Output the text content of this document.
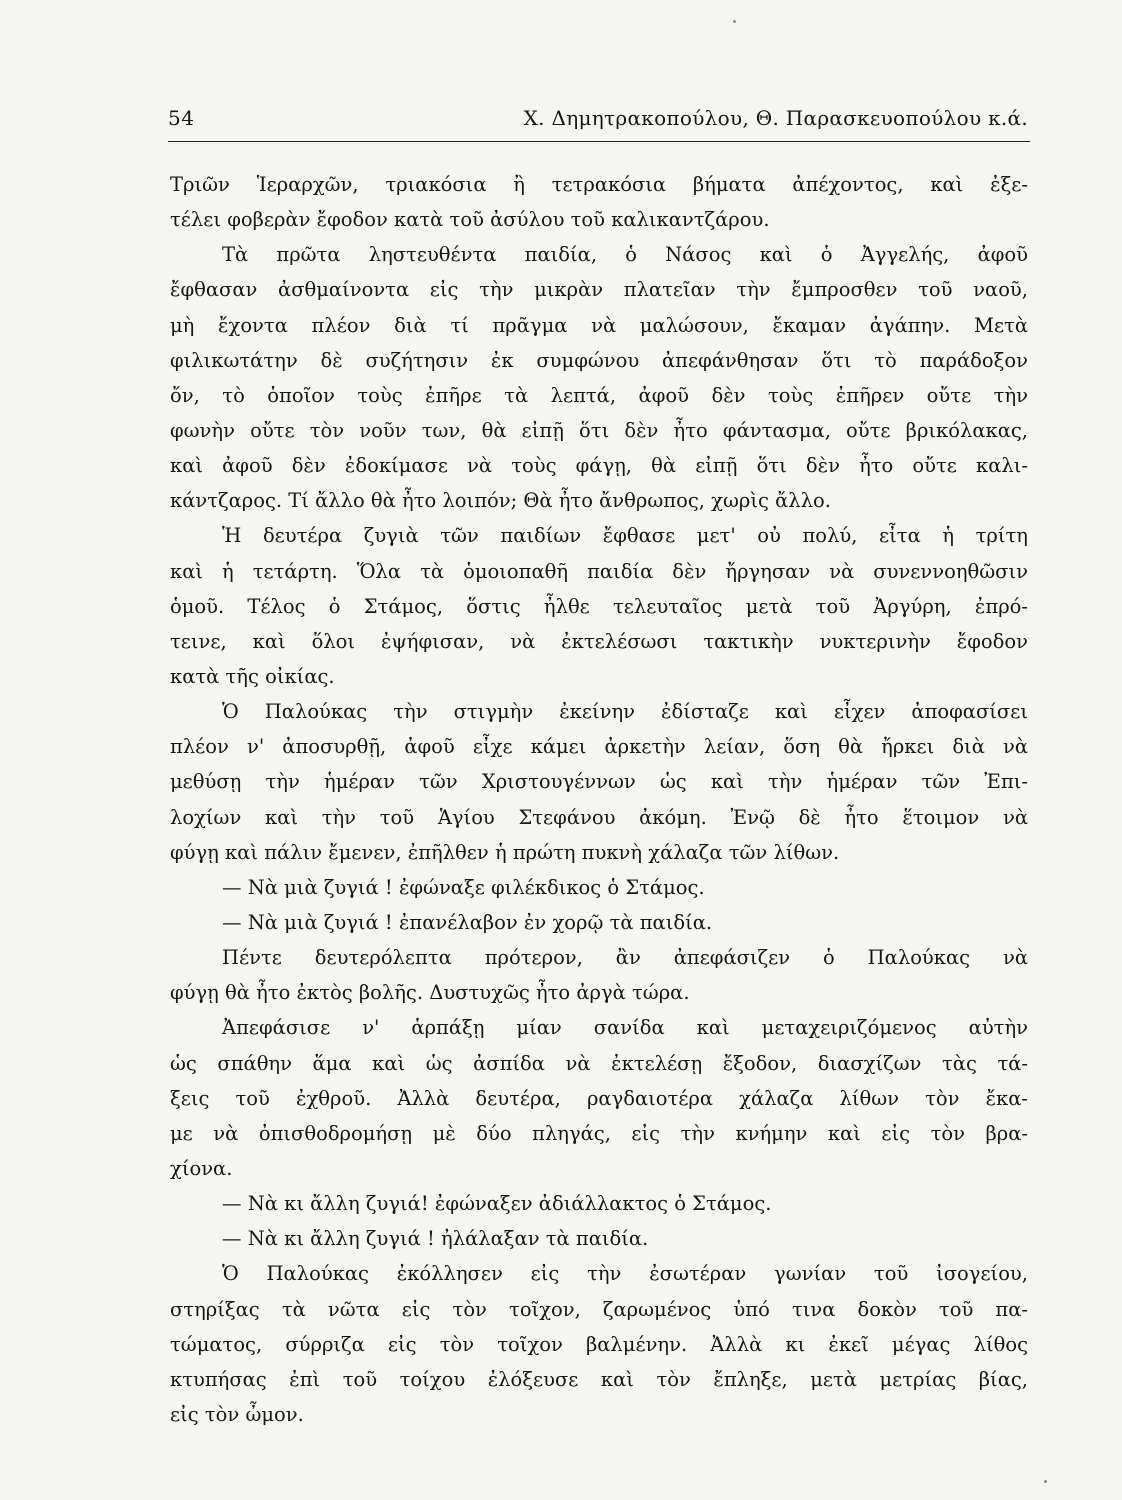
54	Χ. Δημητρακοπούλου, Θ. Παρασκευοπούλου κ.ά.
Τριῶν Ἱεραρχῶν, τριακόσια ἢ τετρακόσια βήματα ἀπέχοντος, καὶ ἐξε-
τέλει φοβερὰν ἔφοδον κατὰ τοῦ ἀσύλου τοῦ καλικαντζάρου.
Τὰ πρῶτα ληστευθέντα παιδία, ὁ Νάσος καὶ ὁ Ἀγγελής, ἀφοῦ
ἔφθασαν ἀσθμαίνοντα εἰς τὴν μικρὰν πλατεῖαν τὴν ἔμπροσθεν τοῦ ναοῦ,
μὴ ἔχοντα πλέον διὰ τί πρᾶγμα νὰ μαλώσουν, ἔκαμαν ἀγάπην. Μετὰ
φιλικωτάτην δὲ συζήτησιν ἐκ συμφώνου ἀπεφάνθησαν ὅτι τὸ παράδοξον
ὄν, τὸ ὁποῖον τοὺς ἐπῆρε τὰ λεπτά, ἀφοῦ δὲν τοὺς ἐπῆρεν οὔτε τὴν
φωνὴν οὔτε τὸν νοῦν των, θὰ εἰπῇ ὅτι δὲν ἦτο φάντασμα, οὔτε βρικόλακας,
καὶ ἀφοῦ δὲν ἐδοκίμασε νὰ τοὺς φάγῃ, θὰ εἰπῇ ὅτι δὲν ἦτο οὔτε καλι-
κάντζαρος. Τί ἄλλο θὰ ἦτο λοιπόν; Θὰ ἦτο ἄνθρωπος, χωρὶς ἄλλο.
Ἡ δευτέρα ζυγιὰ τῶν παιδίων ἔφθασε μετ' οὐ πολύ, εἶτα ἡ τρίτη
καὶ ἡ τετάρτη. Ὅλα τὰ ὁμοιοπαθῆ παιδία δὲν ἤργησαν νὰ συνεννοηθῶσιν
ὁμοῦ. Τέλος ὁ Στάμος, ὅστις ἦλθε τελευταῖος μετὰ τοῦ Ἀργύρη, ἐπρό-
τεινε, καὶ ὅλοι ἐψήφισαν, νὰ ἐκτελέσωσι τακτικὴν νυκτερινὴν ἔφοδον
κατὰ τῆς οἰκίας.
Ὁ Παλούκας τὴν στιγμὴν ἐκείνην ἐδίσταζε καὶ εἶχεν ἀποφασίσει
πλέον ν' ἀποσυρθῇ, ἀφοῦ εἶχε κάμει ἀρκετὴν λείαν, ὅση θὰ ἤρκει διὰ νὰ
μεθύσῃ τὴν ἡμέραν τῶν Χριστουγέννων ὡς καὶ τὴν ἡμέραν τῶν Ἐπι-
λοχίων καὶ τὴν τοῦ Ἁγίου Στεφάνου ἀκόμη. Ἐνῷ δὲ ἦτο ἕτοιμον νὰ
φύγῃ καὶ πάλιν ἔμενεν, ἐπῆλθεν ἡ πρώτη πυκνὴ χάλαζα τῶν λίθων.
— Νὰ μιὰ ζυγιά ! ἐφώναξε φιλέκδικος ὁ Στάμος.
— Νὰ μιὰ ζυγιά ! ἐπανέλαβον ἐν χορῷ τὰ παιδία.
Πέντε δευτερόλεπτα πρότερον, ἂν ἀπεφάσιζεν ὁ Παλούκας νὰ
φύγῃ θὰ ἦτο ἐκτὸς βολῆς. Δυστυχῶς ἦτο ἀργὰ τώρα.
Ἀπεφάσισε ν' ἁρπάξῃ μίαν σανίδα καὶ μεταχειριζόμενος αὐτὴν
ὡς σπάθην ἅμα καὶ ὡς ἀσπίδα νὰ ἐκτελέσῃ ἔξοδον, διασχίζων τὰς τά-
ξεις τοῦ ἐχθροῦ. Ἀλλὰ δευτέρα, ραγδαιοτέρα χάλαζα λίθων τὸν ἔκα-
με νὰ ὀπισθοδρομήσῃ μὲ δύο πληγάς, εἰς τὴν κνήμην καὶ εἰς τὸν βρα-
χίονα.
— Νὰ κι ἄλλη ζυγιά! ἐφώναξεν ἀδιάλλακτος ὁ Στάμος.
— Νὰ κι ἄλλη ζυγιά ! ἠλάλαξαν τὰ παιδία.
Ὁ Παλούκας ἐκόλλησεν εἰς τὴν ἐσωτέραν γωνίαν τοῦ ἰσογείου,
στηρίξας τὰ νῶτα εἰς τὸν τοῖχον, ζαρωμένος ὑπό τινα δοκὸν τοῦ πα-
τώματος, σύρριζα εἰς τὸν τοῖχον βαλμένην. Ἀλλὰ κι ἐκεῖ μέγας λίθος
κτυπήσας ἐπὶ τοῦ τοίχου ἐλόξευσε καὶ τὸν ἔπληξε, μετὰ μετρίας βίας,
εἰς τὸν ὦμον.
